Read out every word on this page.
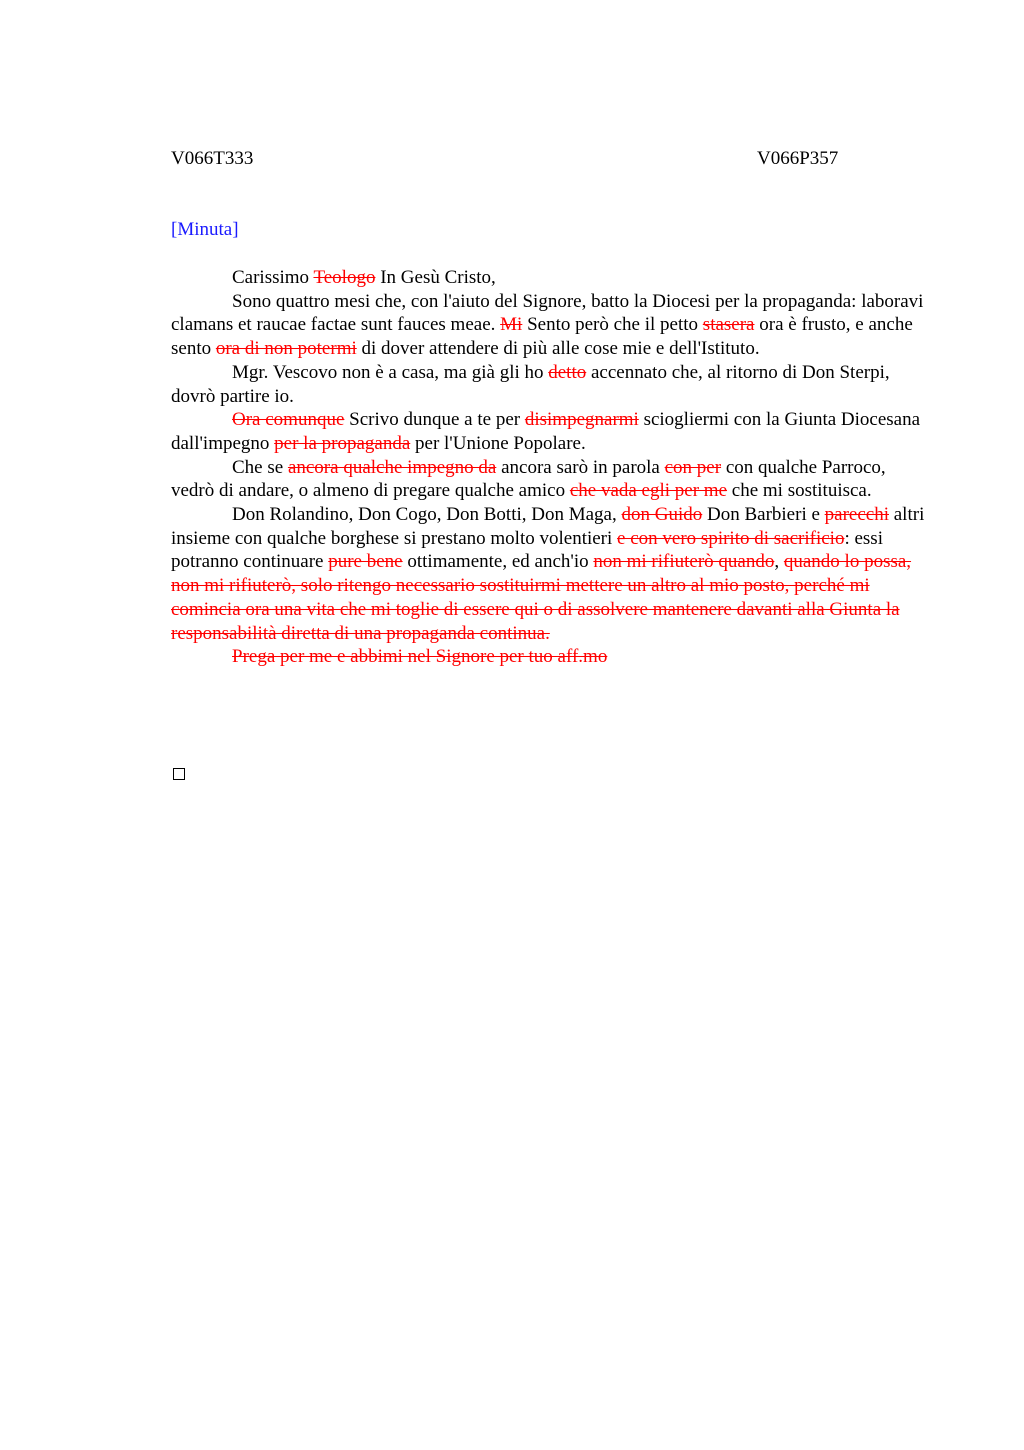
V066T333	V066P357
[Minuta]

Carissimo Teologo In Gesù Cristo,

Sono quattro mesi che, con l'aiuto del Signore, batto la Diocesi per la propaganda: laboravi clamans et raucae factae sunt fauces meae. Mi Sento però che il petto stasera ora è frusto, e anche sento ora di non potermi di dover attendere di più alle cose mie e dell'Istituto.

Mgr. Vescovo non è a casa, ma già gli ho detto accennato che, al ritorno di Don Sterpi, dovrò partire io.

Ora comunque Scrivo dunque a te per disimpegnarmi sciogliermi con la Giunta Diocesana dall'impegno per la propaganda per l'Unione Popolare.

Che se ancora qualche impegno da ancora sarò in parola con per con qualche Parroco, vedrò di andare, o almeno di pregare qualche amico che vada egli per me che mi sostituisca.

Don Rolandino, Don Cogo, Don Botti, Don Maga, don Guido Don Barbieri e parecchi altri insieme con qualche borghese si prestano molto volentieri e con vero spirito di sacrificio: essi potranno continuare pure bene ottimamente, ed anch'io non mi rifiuterò quando, quando lo possa, non mi rifiuterò, solo ritengo necessario sostituirmi mettere un altro al mio posto, perché mi comincia ora una vita che mi toglie di essere qui o di assolvere mantenere davanti alla Giunta la responsabilità diretta di una propaganda continua.

Prega per me e abbimi nel Signore per tuo aff.mo
